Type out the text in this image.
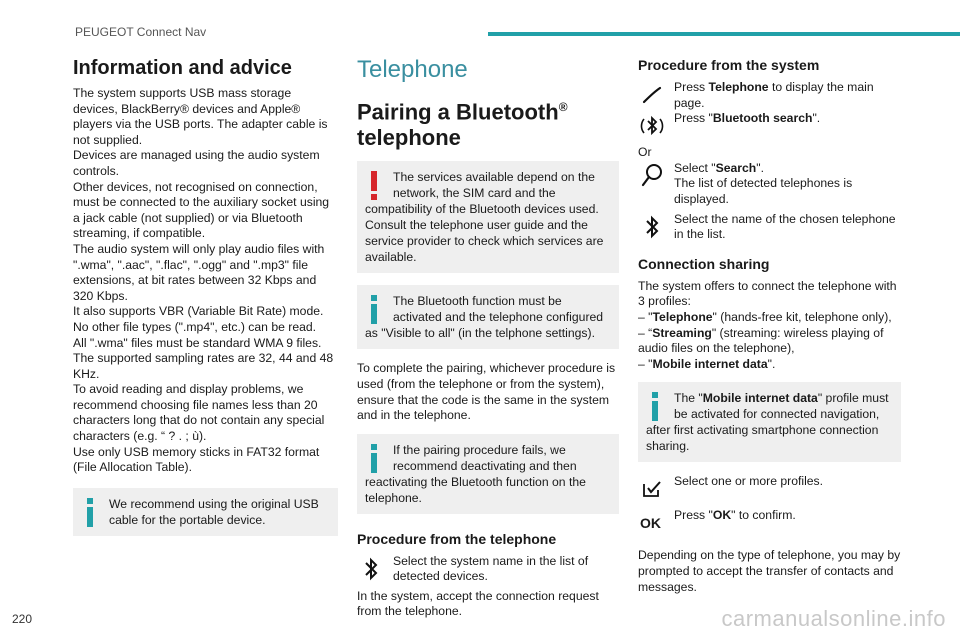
PEUGEOT Connect Nav
Information and advice

The system supports USB mass storage devices, BlackBerry® devices and Apple® players via the USB ports. The adapter cable is not supplied.

Devices are managed using the audio system controls.

Other devices, not recognised on connection, must be connected to the auxiliary socket using a jack cable (not supplied) or via Bluetooth streaming, if compatible.

The audio system will only play audio files with ".wma", ".aac", ".flac", ".ogg" and ".mp3" file extensions, at bit rates between 32 Kbps and 320 Kbps.

It also supports VBR (Variable Bit Rate) mode.

No other file types (".mp4", etc.) can be read.

All ".wma" files must be standard WMA 9 files.

The supported sampling rates are 32, 44 and 48 KHz.

To avoid reading and display problems, we recommend choosing file names less than 20 characters long that do not contain any special characters (e.g. “ ? . ; ù).

Use only USB memory sticks in FAT32 format (File Allocation Table).

We recommend using the original USB cable for the portable device.
Telephone
Pairing a Bluetooth®
telephone
The services available depend on the network, the SIM card and the compatibility of the Bluetooth devices used. Consult the telephone user guide and the service provider to check which services are available.
The Bluetooth function must be activated and the telephone configured as "Visible to all" (in the telphone settings).

To complete the pairing, whichever procedure is used (from the telephone or from the system), ensure that the code is the same in the system and in the telephone.

If the pairing procedure fails, we recommend deactivating and then reactivating the Bluetooth function on the telephone.
Procedure from the telephone
Select the system name in the list of detected devices.

In the system, accept the connection request from the telephone.

Procedure from the system
Press Telephone to display the main page.
Press "Bluetooth search".

Or

Select "Search".
The list of detected telephones is displayed.
Select the name of the chosen telephone in the list.
Connection sharing

The system offers to connect the telephone with 3 profiles:

– "Telephone" (hands-free kit, telephone only),

– “Streaming" (streaming: wireless playing of audio files on the telephone),

– "Mobile internet data".

The "Mobile internet data" profile must be activated for connected navigation, after first activating smartphone connection sharing.
Select one or more profiles.
OK Press "OK" to confirm.

Depending on the type of telephone, you may by prompted to accept the transfer of contacts and messages.

220	carmanualsonline.info
